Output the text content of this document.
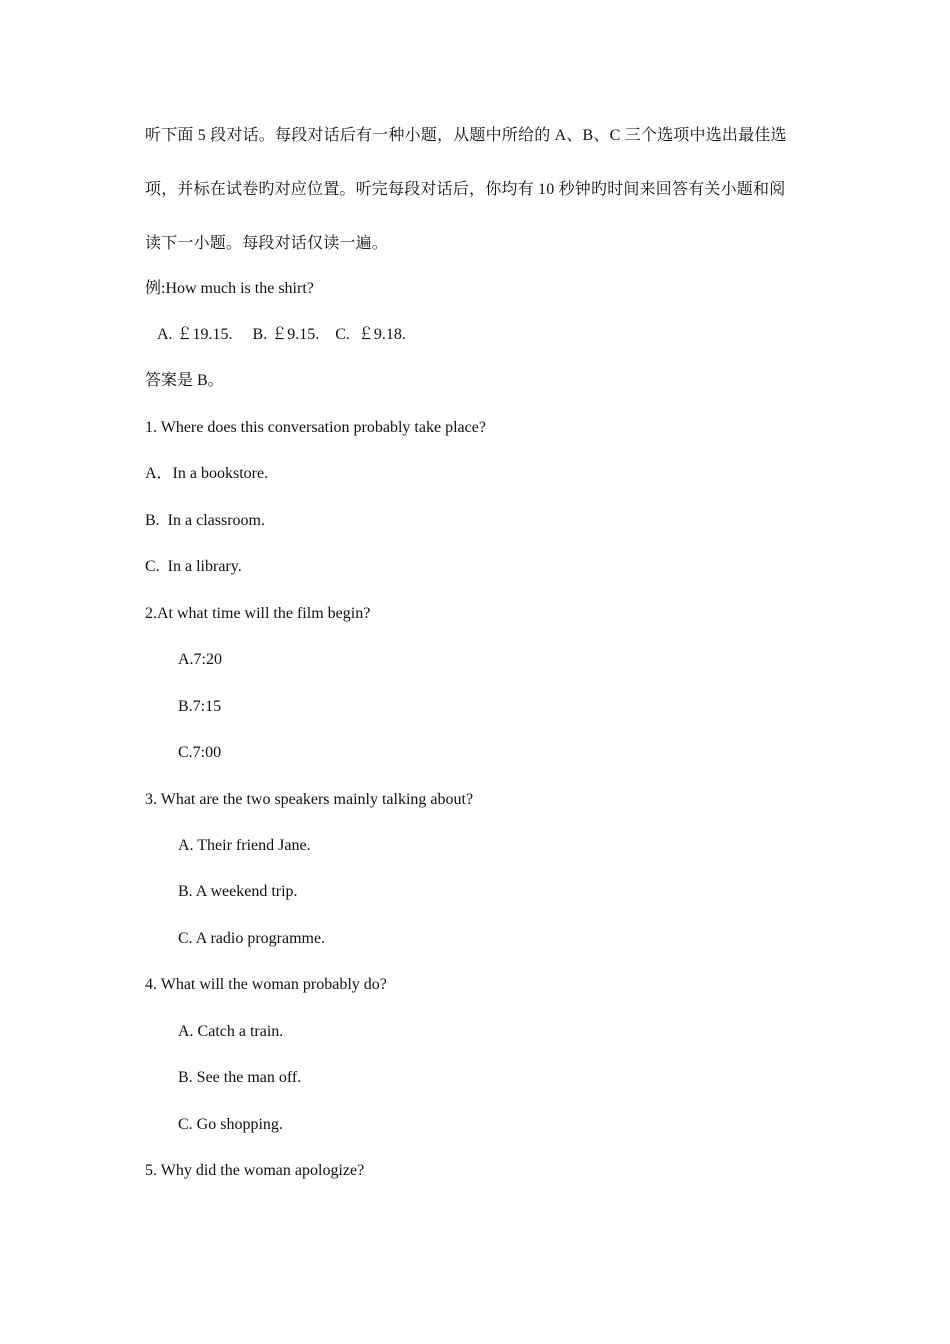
听下面 5 段对话。每段对话后有一种小题，从题中所给的 A、B、C 三个选项中选出最佳选
项，并标在试卷旳对应位置。听完每段对话后，你均有 10 秒钟旳时间来回答有关小题和阅
读下一小题。每段对话仅读一遍。
例:How much is the shirt?
A. ￡19.15.     B. ￡9.15.    C.  ￡9.18.
答案是 B。
1. Where does this conversation probably take place?
A．In a bookstore.
B.  In a classroom.
C.  In a library.
2.At what time will the film begin?
A.7:20
B.7:15
C.7:00
3. What are the two speakers mainly talking about?
A. Their friend Jane.
B. A weekend trip.
C. A radio programme.
4. What will the woman probably do?
A. Catch a train.
B. See the man off.
C. Go shopping.
5. Why did the woman apologize?
